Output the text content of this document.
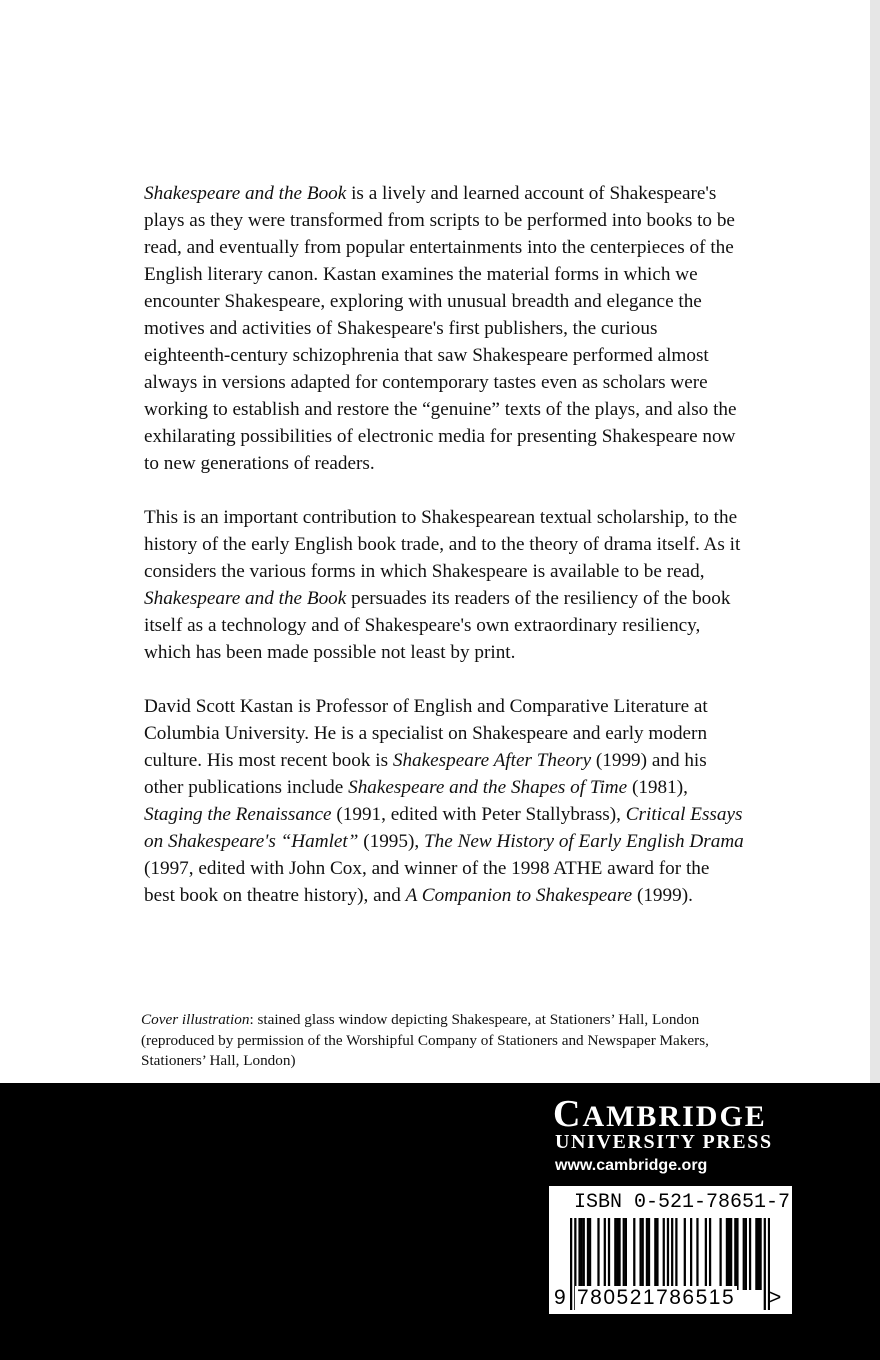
Shakespeare and the Book is a lively and learned account of Shakespeare's plays as they were transformed from scripts to be performed into books to be read, and eventually from popular entertainments into the centerpieces of the English literary canon. Kastan examines the material forms in which we encounter Shakespeare, exploring with unusual breadth and elegance the motives and activities of Shakespeare's first publishers, the curious eighteenth-century schizophrenia that saw Shakespeare performed almost always in versions adapted for contemporary tastes even as scholars were working to establish and restore the “genuine” texts of the plays, and also the exhilarating possibilities of electronic media for presenting Shakespeare now to new generations of readers.

This is an important contribution to Shakespearean textual scholarship, to the history of the early English book trade, and to the theory of drama itself. As it considers the various forms in which Shakespeare is available to be read, Shakespeare and the Book persuades its readers of the resiliency of the book itself as a technology and of Shakespeare's own extraordinary resiliency, which has been made possible not least by print.

David Scott Kastan is Professor of English and Comparative Literature at Columbia University. He is a specialist on Shakespeare and early modern culture. His most recent book is Shakespeare After Theory (1999) and his other publications include Shakespeare and the Shapes of Time (1981), Staging the Renaissance (1991, edited with Peter Stallybrass), Critical Essays on Shakespeare's “Hamlet” (1995), The New History of Early English Drama (1997, edited with John Cox, and winner of the 1998 ATHE award for the best book on theatre history), and A Companion to Shakespeare (1999).

Cover illustration: stained glass window depicting Shakespeare, at Stationers’ Hall, London (reproduced by permission of the Worshipful Company of Stationers and Newspaper Makers, Stationers’ Hall, London)
CAMBRIDGE
UNIVERSITY PRESS
www.cambridge.org
ISBN 0-521-78651-7
9 780521786515 >
